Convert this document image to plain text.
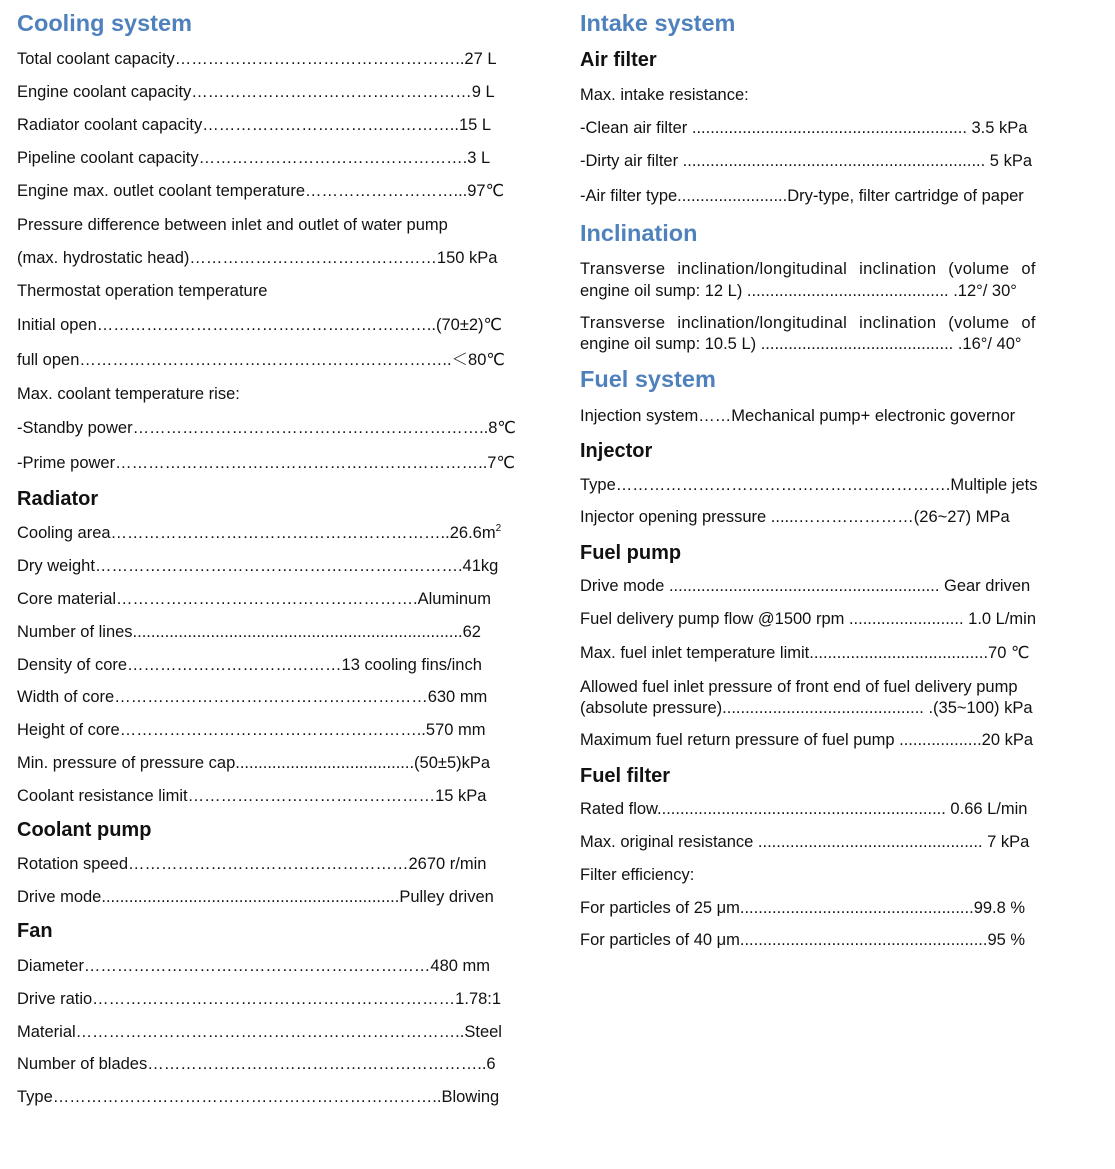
Cooling system
Total coolant capacity……………………………………………..27 L
Engine coolant capacity……………………………………………9 L
Radiator coolant capacity………………………………………..15 L
Pipeline coolant capacity………………………………………….3 L
Engine max. outlet coolant temperature………………………...97℃
Pressure difference between inlet and outlet of water pump
(max. hydrostatic head)………………………………………150 kPa
Thermostat operation temperature
Initial open……………………………………………………..(70±2)℃
full open…………………………………………………………..＜80℃
Max. coolant temperature rise:
-Standby power………………………………………………………..8℃
-Prime power…………………………………………………………..7℃
Radiator
Cooling $area\dots\dots\dots\dots\dots\dots\dots\dots\dots\dots\dots\dots\dots\dots\dots\dots\dots\dots\dots\dots..26.6m^2$
Dry weight………………………………………………………….41kg
Core material……………………………………………….Aluminum
Number of lines........................................................................62
Density of core…………………………………13 cooling fins/inch
Width of core…………………………………………………630 mm
Height of core………………………………………………..570 mm
Min. pressure of pressure cap.......................................(50±5)kPa
Coolant resistance limit………………………………………15 kPa
Coolant pump
Rotation speed……………………………………………2670 r/min
Drive mode.................................................................Pulley driven
Fan
Diameter………………………………………………………480 mm
Drive ratio…………………………………………………………1.78:1
Material……………………………………………………………..Steel
Number of blades……………………………………………………..6
Type……………………………………………………………..Blowing
Intake system
Air filter
Max. intake resistance:
-Clean air filter ............................................................ 3.5 kPa
-Dirty air filter .................................................................. 5 kPa
-Air filter type........................Dry-type, filter cartridge of paper
Inclination
Transverse inclination/longitudinal inclination (volume of
engine oil sump: 12 L) ............................................ .12°/ 30°
Transverse inclination/longitudinal inclination (volume of
engine oil sump: 10.5 L) .......................................... .16°/ 40°
Fuel system
Injection system……Mechanical pump+ electronic governor
Injector
Type…………………………………………………….Multiple jets
Injector opening pressure ......…………………(26~27) MPa
Fuel pump
Drive mode ........................................................... Gear driven
Fuel delivery pump flow @1500 rpm ......................... 1.0 L/min
Max. fuel inlet temperature limit.......................................70 ℃
Allowed fuel inlet pressure of front end of fuel delivery pump
(absolute pressure)............................................ .(35~100) kPa
Maximum fuel return pressure of fuel pump ..................20 kPa
Fuel filter
Rated flow............................................................... 0.66 L/min
Max. original resistance ................................................. 7 kPa
Filter efficiency:
For particles of 25 μm...................................................99.8 %
For particles of 40 μm......................................................95 %
